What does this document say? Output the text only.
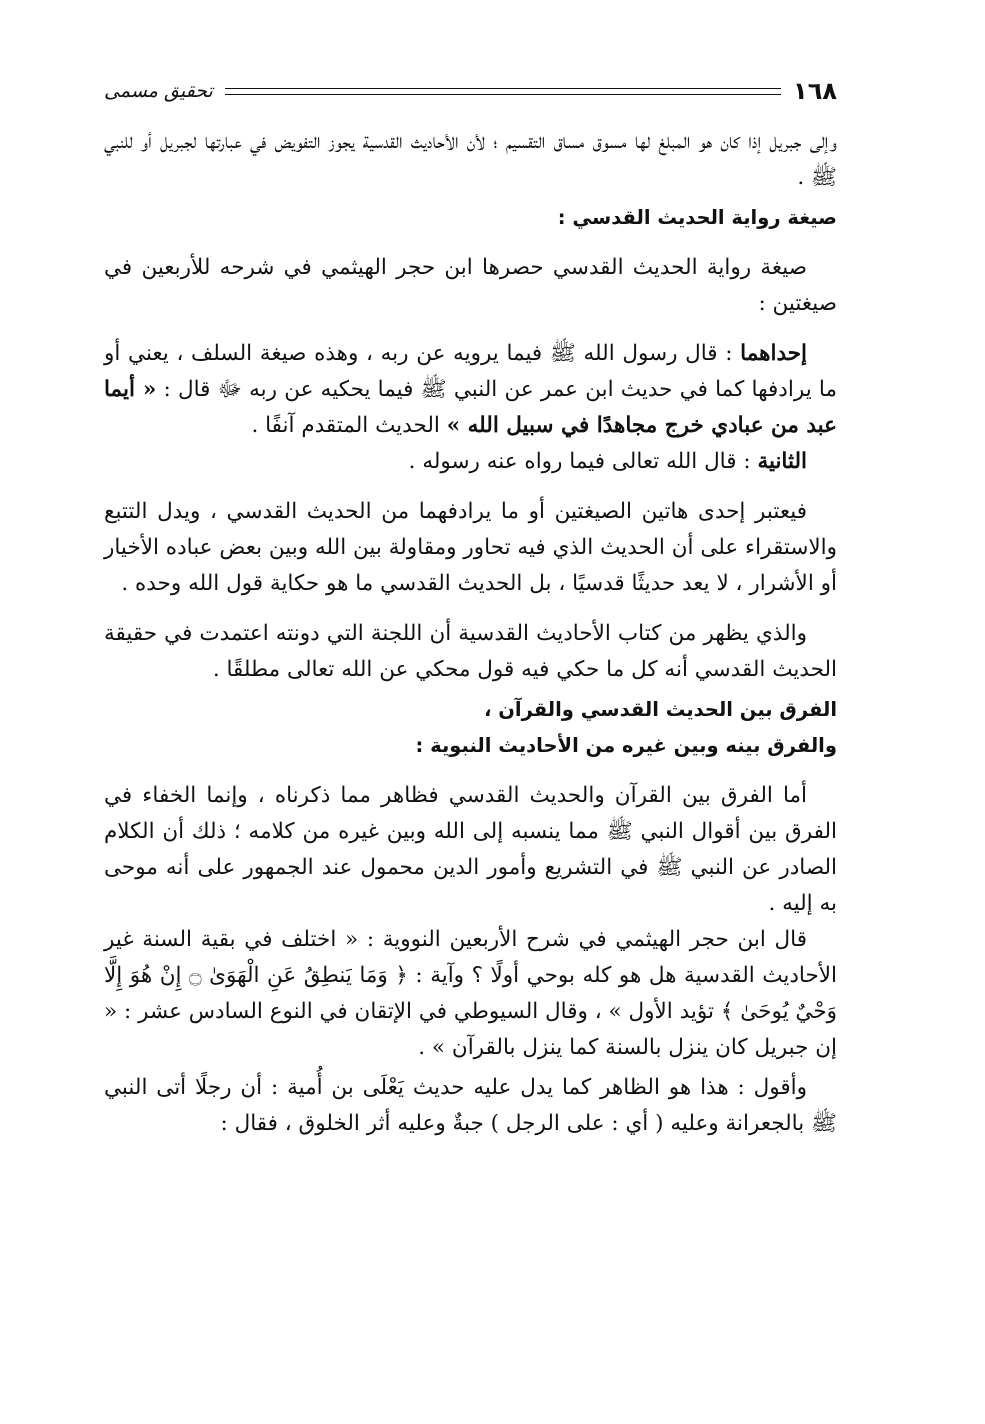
١٦٨
تحقيق مسمى

وإلى جبريل إذا كان هو المبلغ لها مسوق مساق التقسيم ؛ لأن الأحاديث القدسية يجوز التفويض في عبارتها لجبريل أو للنبي ﷺ .

صيغة رواية الحديث القدسي :

صيغة رواية الحديث القدسي حصرها ابن حجر الهيثمي في شرحه للأربعين في صيغتين :

إحداهما : قال رسول الله ﷺ فيما يرويه عن ربه ، وهذه صيغة السلف ، يعني أو ما يرادفها كما في حديث ابن عمر عن النبي ﷺ فيما يحكيه عن ربه ﷻ قال : « أيما عبد من عبادي خرج مجاهدًا في سبيل الله » الحديث المتقدم آنفًا .

الثانية : قال الله تعالى فيما رواه عنه رسوله .

فيعتبر إحدى هاتين الصيغتين أو ما يرادفهما من الحديث القدسي ، ويدل التتبع والاستقراء على أن الحديث الذي فيه تحاور ومقاولة بين الله وبين بعض عباده الأخيار أو الأشرار ، لا يعد حديثًا قدسيًا ، بل الحديث القدسي ما هو حكاية قول الله وحده .

والذي يظهر من كتاب الأحاديث القدسية أن اللجنة التي دونته اعتمدت في حقيقة الحديث القدسي أنه كل ما حكي فيه قول محكي عن الله تعالى مطلقًا .

الفرق بين الحديث القدسي والقرآن ،

والفرق بينه وبين غيره من الأحاديث النبوية :

أما الفرق بين القرآن والحديث القدسي فظاهر مما ذكرناه ، وإنما الخفاء في الفرق بين أقوال النبي ﷺ مما ينسبه إلى الله وبين غيره من كلامه ؛ ذلك أن الكلام الصادر عن النبي ﷺ في التشريع وأمور الدين محمول عند الجمهور على أنه موحى به إليه .

قال ابن حجر الهيثمي في شرح الأربعين النووية : « اختلف في بقية السنة غير الأحاديث القدسية هل هو كله بوحي أولًا ؟ وآية : ﴿ وَمَا يَنطِقُ عَنِ الْهَوَىٰ ۝ إِنْ هُوَ إِلَّا وَحْيٌ يُوحَىٰ ﴾ تؤيد الأول » ، وقال السيوطي في الإتقان في النوع السادس عشر : « إن جبريل كان ينزل بالسنة كما ينزل بالقرآن » .

وأقول : هذا هو الظاهر كما يدل عليه حديث يَعْلَى بن أُمية : أن رجلًا أتى النبي ﷺ بالجعرانة وعليه ( أي : على الرجل ) جبةٌ وعليه أثر الخلوق ، فقال :
